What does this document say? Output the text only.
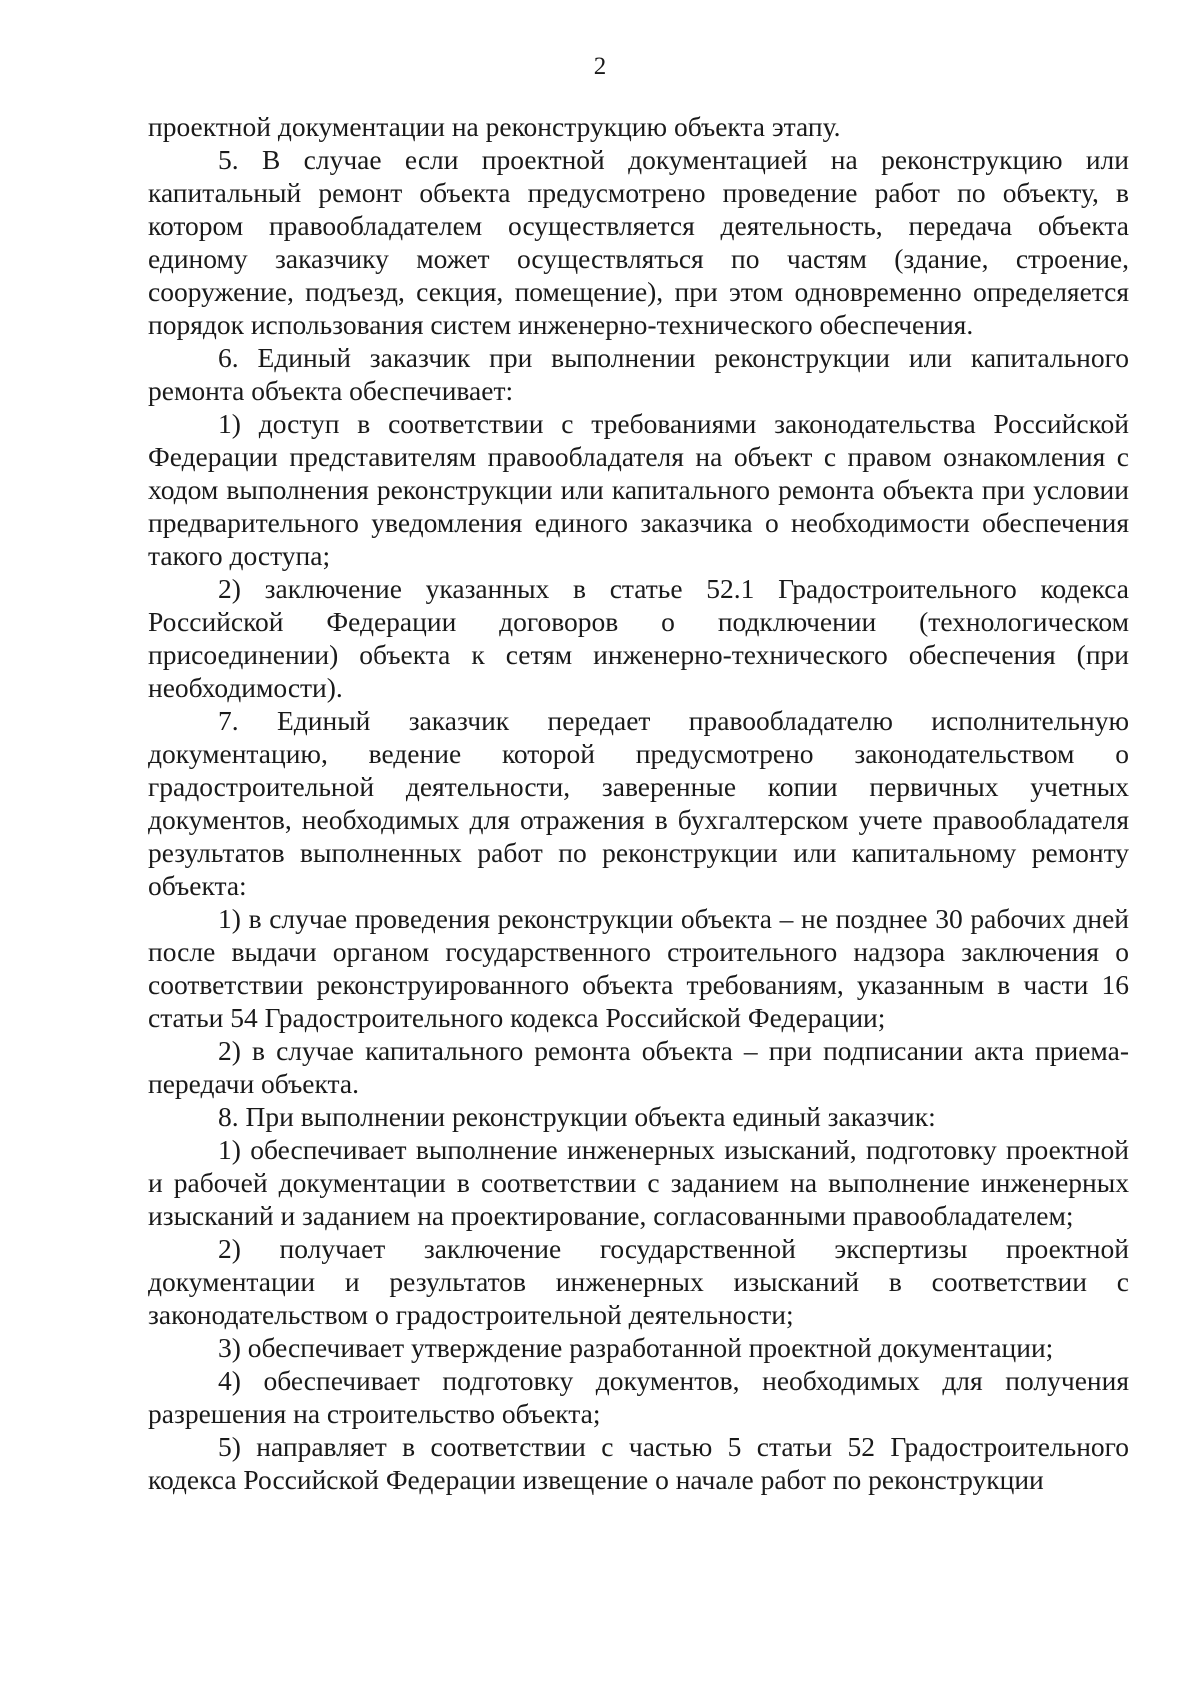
2

проектной документации на реконструкцию объекта этапу.

5. В случае если проектной документацией на реконструкцию или капитальный ремонт объекта предусмотрено проведение работ по объекту, в котором правообладателем осуществляется деятельность, передача объекта единому заказчику может осуществляться по частям (здание, строение, сооружение, подъезд, секция, помещение), при этом одновременно определяется порядок использования систем инженерно-технического обеспечения.

6. Единый заказчик при выполнении реконструкции или капитального ремонта объекта обеспечивает:

1) доступ в соответствии с требованиями законодательства Российской Федерации представителям правообладателя на объект с правом ознакомления с ходом выполнения реконструкции или капитального ремонта объекта при условии предварительного уведомления единого заказчика о необходимости обеспечения такого доступа;

2) заключение указанных в статье 52.1 Градостроительного кодекса Российской Федерации договоров о подключении (технологическом присоединении) объекта к сетям инженерно-технического обеспечения (при необходимости).

7. Единый заказчик передает правообладателю исполнительную документацию, ведение которой предусмотрено законодательством о градостроительной деятельности, заверенные копии первичных учетных документов, необходимых для отражения в бухгалтерском учете правообладателя результатов выполненных работ по реконструкции или капитальному ремонту объекта:

1) в случае проведения реконструкции объекта – не позднее 30 рабочих дней после выдачи органом государственного строительного надзора заключения о соответствии реконструированного объекта требованиям, указанным в части 16 статьи 54 Градостроительного кодекса Российской Федерации;

2) в случае капитального ремонта объекта – при подписании акта приема-передачи объекта.

8. При выполнении реконструкции объекта единый заказчик:

1) обеспечивает выполнение инженерных изысканий, подготовку проектной и рабочей документации в соответствии с заданием на выполнение инженерных изысканий и заданием на проектирование, согласованными правообладателем;

2) получает заключение государственной экспертизы проектной документации и результатов инженерных изысканий в соответствии с законодательством о градостроительной деятельности;

3) обеспечивает утверждение разработанной проектной документации;

4) обеспечивает подготовку документов, необходимых для получения разрешения на строительство объекта;

5) направляет в соответствии с частью 5 статьи 52 Градостроительного кодекса Российской Федерации извещение о начале работ по реконструкции
